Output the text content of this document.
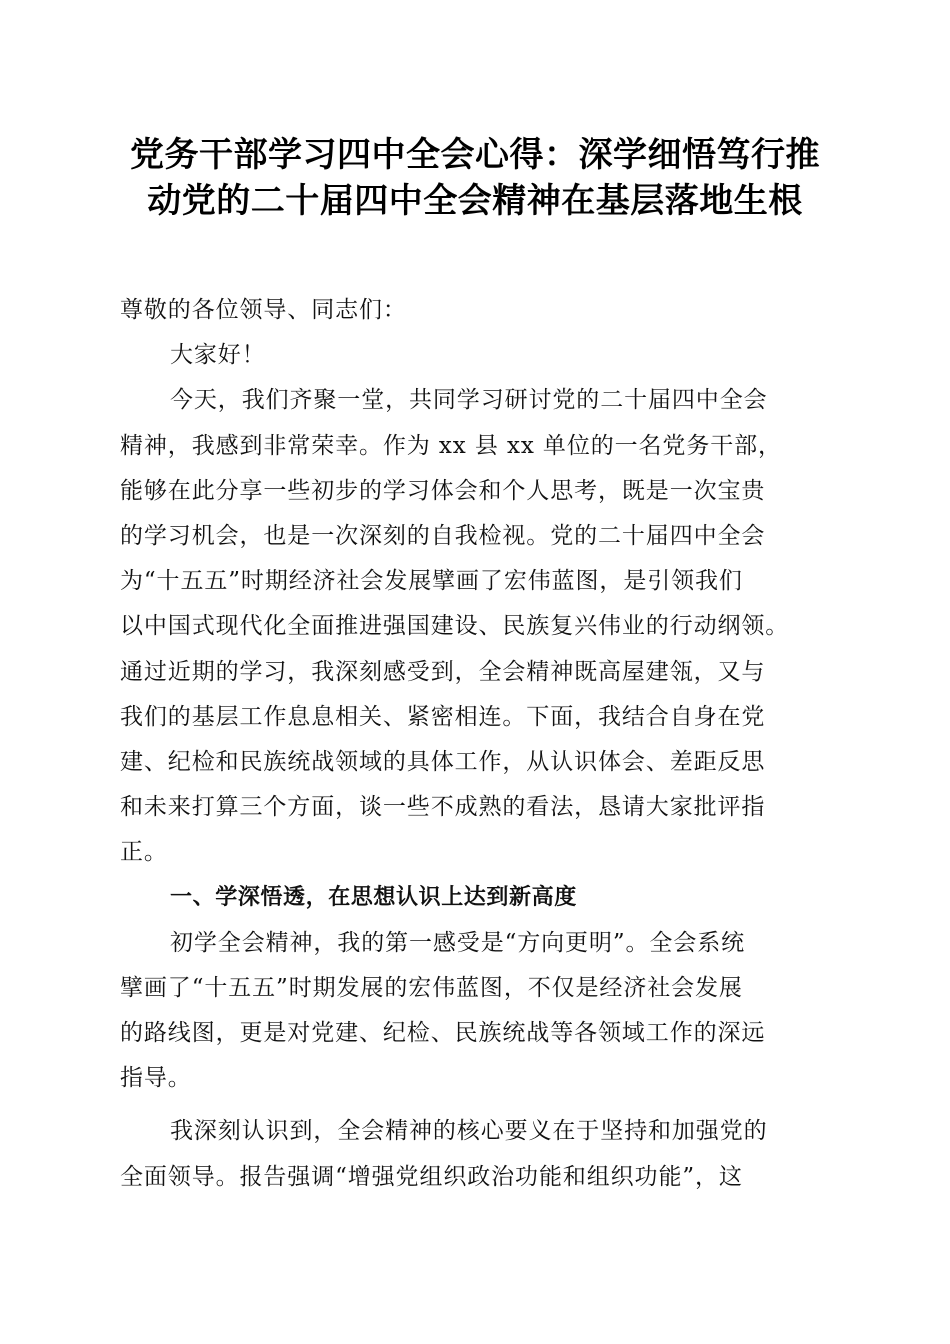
党务干部学习四中全会心得：深学细悟笃行推
动党的二十届四中全会精神在基层落地生根
尊敬的各位领导、同志们：
大家好！
今天，我们齐聚一堂，共同学习研讨党的二十届四中全会
精神，我感到非常荣幸。作为 xx 县 xx 单位的一名党务干部，
能够在此分享一些初步的学习体会和个人思考，既是一次宝贵
的学习机会，也是一次深刻的自我检视。党的二十届四中全会
为“十五五”时期经济社会发展擘画了宏伟蓝图，是引领我们
以中国式现代化全面推进强国建设、民族复兴伟业的行动纲领。
通过近期的学习，我深刻感受到，全会精神既高屋建瓴，又与
我们的基层工作息息相关、紧密相连。下面，我结合自身在党
建、纪检和民族统战领域的具体工作，从认识体会、差距反思
和未来打算三个方面，谈一些不成熟的看法，恳请大家批评指
正。
一、学深悟透，在思想认识上达到新高度
初学全会精神，我的第一感受是“方向更明”。全会系统
擘画了“十五五”时期发展的宏伟蓝图，不仅是经济社会发展
的路线图，更是对党建、纪检、民族统战等各领域工作的深远
指导。
我深刻认识到，全会精神的核心要义在于坚持和加强党的
全面领导。报告强调“增强党组织政治功能和组织功能”，这
